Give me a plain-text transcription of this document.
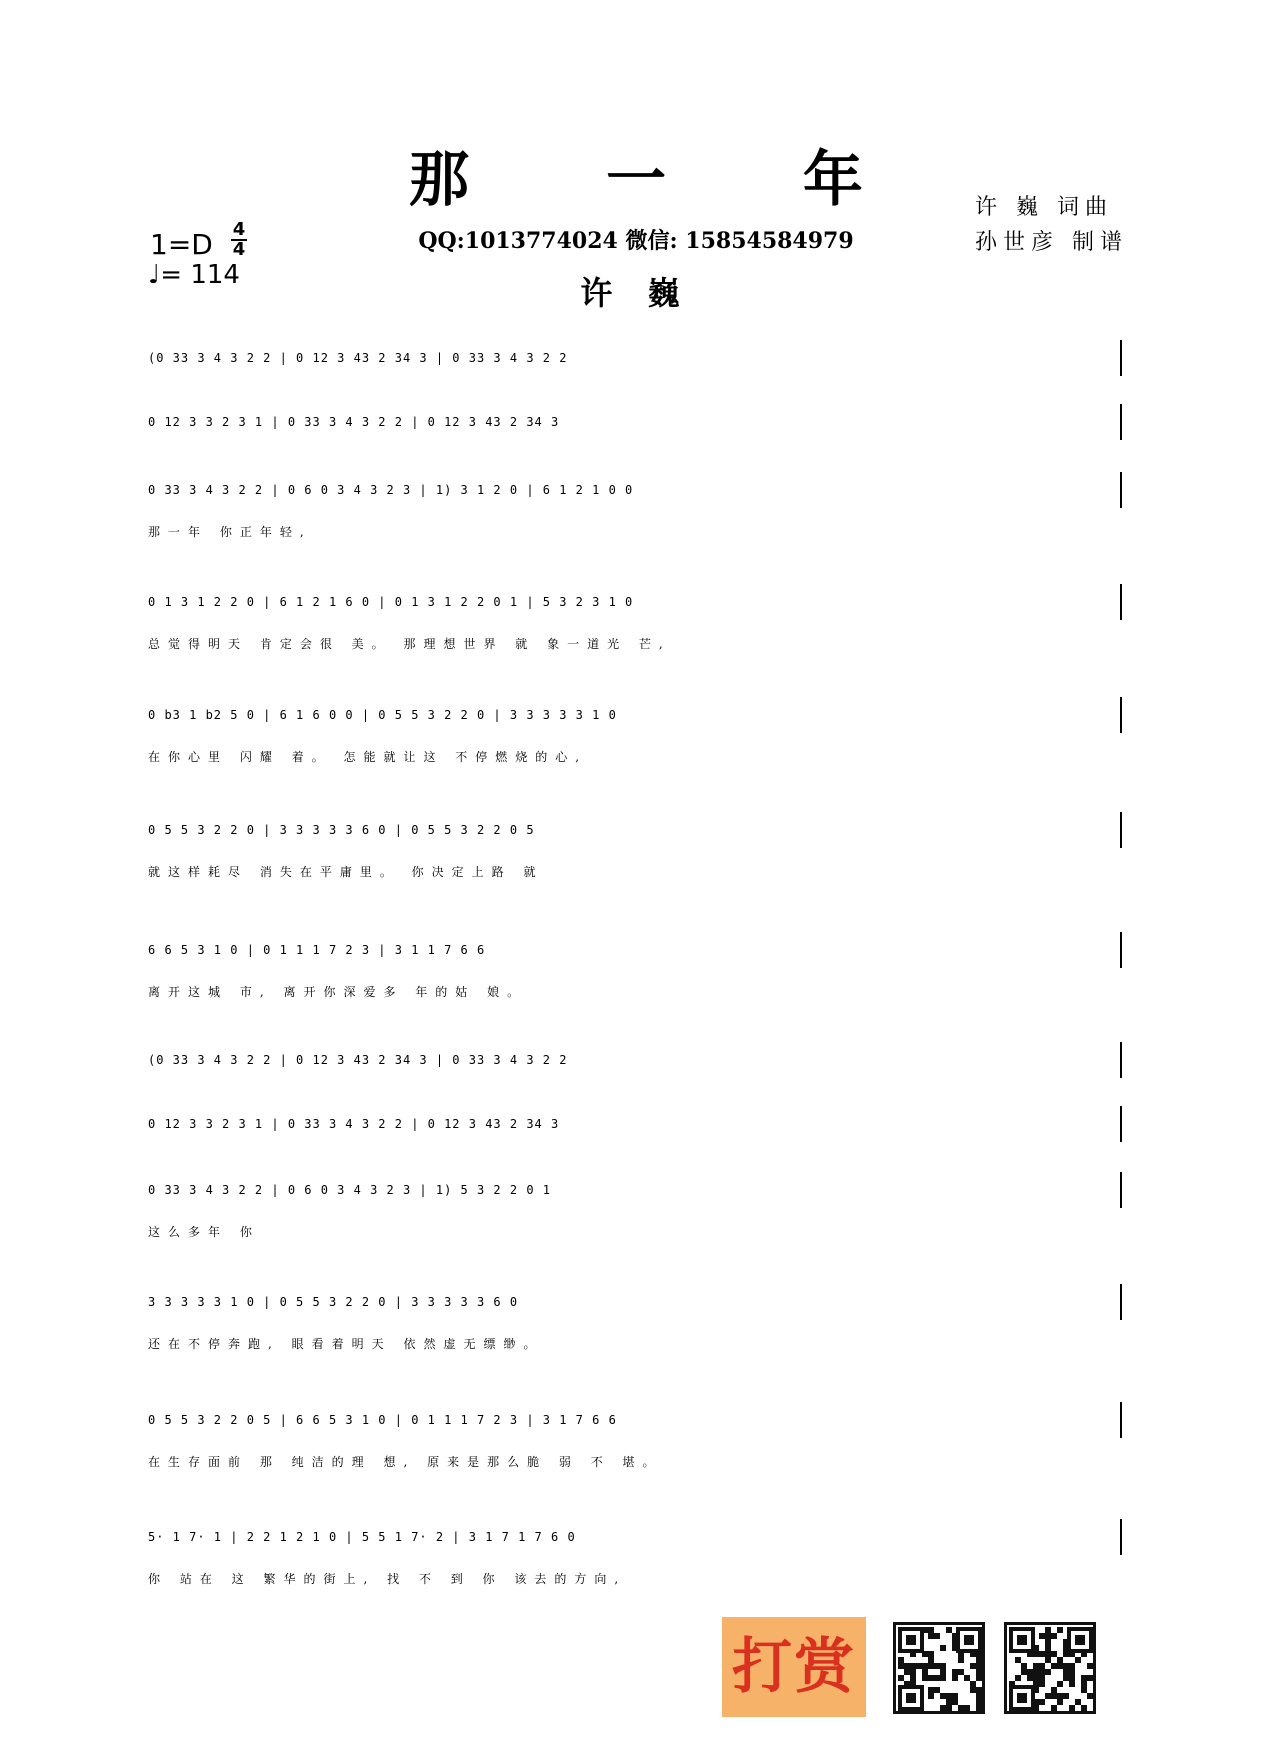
那 一 年
1=D 4
4
♩= 114
QQ:1013774024 微信: 15854584979
许 巍
许 巍 词曲
孙世彦 制谱
(0 33 3 4 3 2 2 | 0 12 3 43 2 34 3 | 0 33 3 4 3 2 2
0 12 3 3 2 3 1 | 0 33 3 4 3 2 2 | 0 12 3 43 2 34 3
0 33 3 4 3 2 2 | 0 6 0 3 4 3 2 3 | 1) 3 1 2 0 | 6 1 2 1 0 0
那一年 你正年轻,
0 1 3 1 2 2 0 | 6 1 2 1 6 0 | 0 1 3 1 2 2 0 1 | 5 3 2 3 1 0
总觉得明天 肯定会很 美。 那理想世界 就 象一道光 芒,
0 b3 1 b2 5 0 | 6 1 6 0 0 | 0 5 5 3 2 2 0 | 3 3 3 3 3 1 0
在你心里 闪耀 着。 怎能就让这 不停燃烧的心,
0 5 5 3 2 2 0 | 3 3 3 3 3 6 0 | 0 5 5 3 2 2 0 5
就这样耗尽 消失在平庸里。 你决定上路 就
6 6 5 3 1 0 | 0 1 1 1 7 2 3 | 3 1 1 7 6 6
离开这城 市, 离开你深爱多 年的姑 娘。
(0 33 3 4 3 2 2 | 0 12 3 43 2 34 3 | 0 33 3 4 3 2 2
0 12 3 3 2 3 1 | 0 33 3 4 3 2 2 | 0 12 3 43 2 34 3
0 33 3 4 3 2 2 | 0 6 0 3 4 3 2 3 | 1) 5 3 2 2 0 1
这么多年 你
3 3 3 3 3 1 0 | 0 5 5 3 2 2 0 | 3 3 3 3 3 6 0
还在不停奔跑, 眼看着明天 依然虚无缥缈。
0 5 5 3 2 2 0 5 | 6 6 5 3 1 0 | 0 1 1 1 7 2 3 | 3 1 7 6 6
在生存面前 那 纯洁的理 想, 原来是那么脆 弱 不 堪。
5· 1 7· 1 | 2 2 1 2 1 0 | 5 5 1 7· 2 | 3 1 7 1 7 6 0
你 站在 这 繁华的街上, 找 不 到 你 该去的方向,
打赏
